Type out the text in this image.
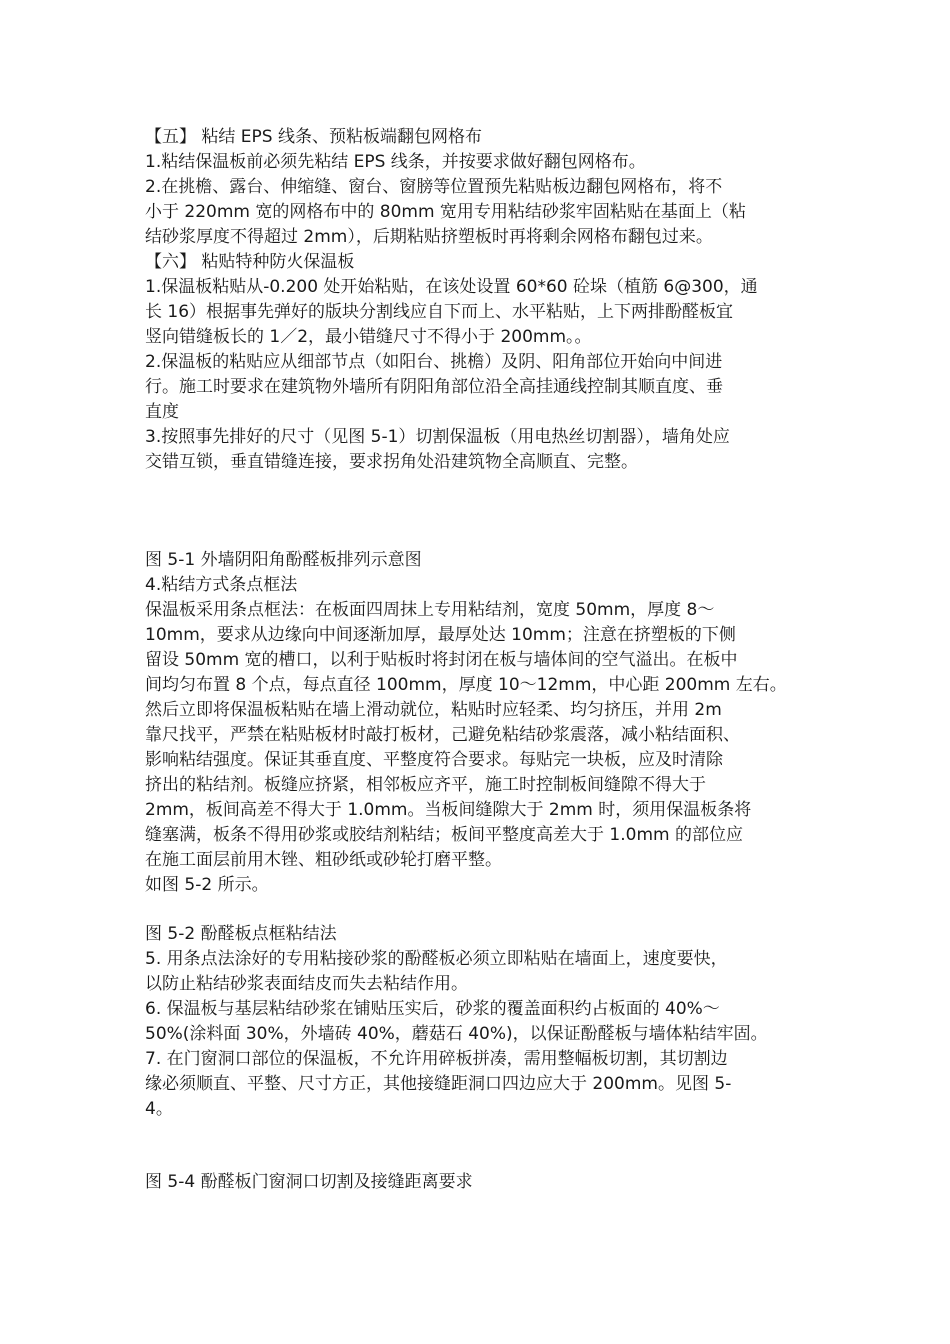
【五】 粘结 EPS 线条、预粘板端翻包网格布
1.粘结保温板前必须先粘结 EPS 线条，并按要求做好翻包网格布。
2.在挑檐、露台、伸缩缝、窗台、窗膀等位置预先粘贴板边翻包网格布，将不
小于 220mm 宽的网格布中的 80mm 宽用专用粘结砂浆牢固粘贴在基面上（粘
结砂浆厚度不得超过 2mm），后期粘贴挤塑板时再将剩余网格布翻包过来。
【六】 粘贴特种防火保温板
1.保温板粘贴从-0.200 处开始粘贴，在该处设置 60*60 砼垛（植筋 6@300，通
长 16）根据事先弹好的版块分割线应自下而上、水平粘贴，上下两排酚醛板宜
竖向错缝板长的 1／2，最小错缝尺寸不得小于 200mm。。
2.保温板的粘贴应从细部节点（如阳台、挑檐）及阴、阳角部位开始向中间进
行。施工时要求在建筑物外墙所有阴阳角部位沿全高挂通线控制其顺直度、垂
直度
3.按照事先排好的尺寸（见图 5-1）切割保温板（用电热丝切割器），墙角处应
交错互锁，垂直错缝连接，要求拐角处沿建筑物全高顺直、完整。
图 5-1 外墙阴阳角酚醛板排列示意图
4.粘结方式条点框法
保温板采用条点框法：在板面四周抹上专用粘结剂，宽度 50mm，厚度 8～
10mm，要求从边缘向中间逐渐加厚，最厚处达 10mm；注意在挤塑板的下侧
留设 50mm 宽的槽口，以利于贴板时将封闭在板与墙体间的空气溢出。在板中
间均匀布置 8 个点，每点直径 100mm，厚度 10～12mm，中心距 200mm 左右。
然后立即将保温板粘贴在墙上滑动就位，粘贴时应轻柔、均匀挤压，并用 2m
靠尺找平，严禁在粘贴板材时敲打板材，己避免粘结砂浆震落，减小粘结面积、
影响粘结强度。保证其垂直度、平整度符合要求。每贴完一块板，应及时清除
挤出的粘结剂。板缝应挤紧，相邻板应齐平，施工时控制板间缝隙不得大于
2mm，板间高差不得大于 1.0mm。当板间缝隙大于 2mm 时，须用保温板条将
缝塞满，板条不得用砂浆或胶结剂粘结；板间平整度高差大于 1.0mm 的部位应
在施工面层前用木锉、粗砂纸或砂轮打磨平整。
如图 5-2 所示。
图 5-2 酚醛板点框粘结法
5. 用条点法涂好的专用粘接砂浆的酚醛板必须立即粘贴在墙面上，速度要快，
以防止粘结砂浆表面结皮而失去粘结作用。
6. 保温板与基层粘结砂浆在铺贴压实后，砂浆的覆盖面积约占板面的 40%～
50%(涂料面 30%，外墙砖 40%，蘑菇石 40%)，以保证酚醛板与墙体粘结牢固。
7. 在门窗洞口部位的保温板，不允许用碎板拼凑，需用整幅板切割，其切割边
缘必须顺直、平整、尺寸方正，其他接缝距洞口四边应大于 200mm。见图 5-
4。
图 5-4 酚醛板门窗洞口切割及接缝距离要求
